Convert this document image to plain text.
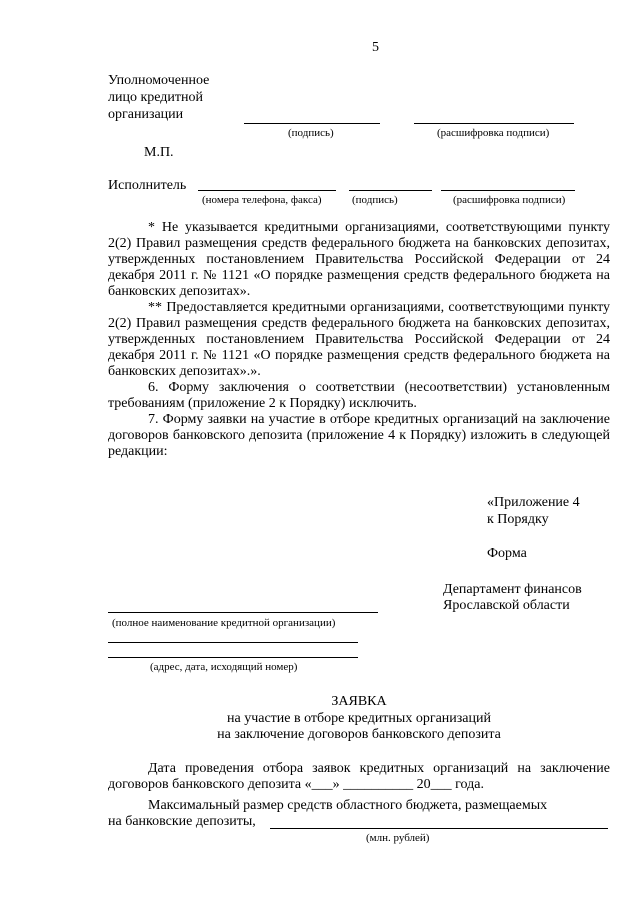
5
Уполномоченное
лицо кредитной
организации
(подпись)	(расшифровка подписи)
М.П.
Исполнитель
(номера телефона, факса)	(подпись)	(расшифровка подписи)

* Не указывается кредитными организациями, соответствующими пункту 2(2) Правил размещения средств федерального бюджета на банковских депозитах, утвержденных постановлением Правительства Российской Федерации от 24 декабря 2011 г. № 1121 «О порядке размещения средств федерального бюджета на банковских депозитах».

** Предоставляется кредитными организациями, соответствующими пункту 2(2) Правил размещения средств федерального бюджета на банковских депозитах, утвержденных постановлением Правительства Российской Федерации от 24 декабря 2011 г. № 1121 «О порядке размещения средств федерального бюджета на банковских депозитах».».

6. Форму заключения о соответствии (несоответствии) установленным требованиям (приложение 2 к Порядку) исключить.

7. Форму заявки на участие в отборе кредитных организаций на заключение договоров банковского депозита (приложение 4 к Порядку) изложить в следующей редакции:

«Приложение 4
к Порядку
Форма
Департамент финансов
Ярославской области
(полное наименование кредитной организации)
(адрес, дата, исходящий номер)
ЗАЯВКА
на участие в отборе кредитных организаций
на заключение договоров банковского депозита

Дата проведения отбора заявок кредитных организаций на заключение договоров банковского депозита «___» __________ 20___ года.

Максимальный размер средств областного бюджета, размещаемых
на банковские депозиты,
(млн. рублей)
